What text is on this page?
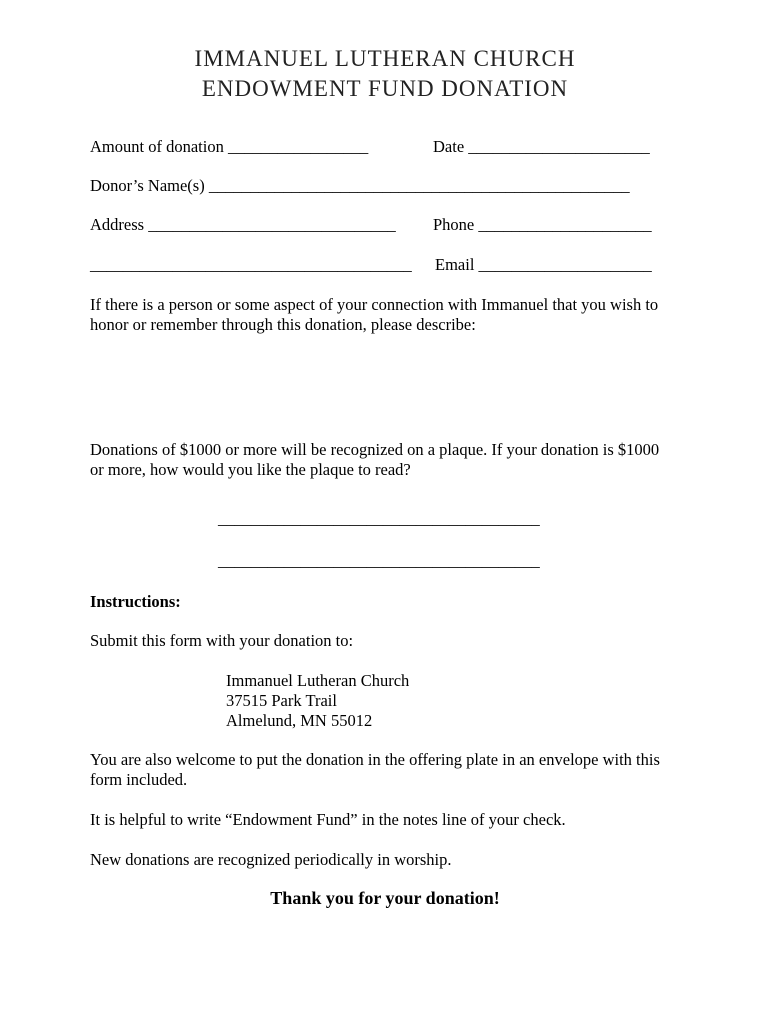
IMMANUEL LUTHERAN CHURCH
ENDOWMENT FUND DONATION
Amount of donation _________________	Date ______________________
Donor’s Name(s) ___________________________________________________
Address ______________________________ Phone _____________________
_______________________________________ Email _____________________
If there is a person or some aspect of your connection with Immanuel that you wish to honor or remember through this donation, please describe:
Donations of $1000 or more will be recognized on a plaque. If your donation is $1000 or more, how would you like the plaque to read?
_______________________________________
_______________________________________
Instructions:
Submit this form with your donation to:
Immanuel Lutheran Church
37515 Park Trail
Almelund, MN 55012
You are also welcome to put the donation in the offering plate in an envelope with this form included.
It is helpful to write “Endowment Fund” in the notes line of your check.
New donations are recognized periodically in worship.
Thank you for your donation!
